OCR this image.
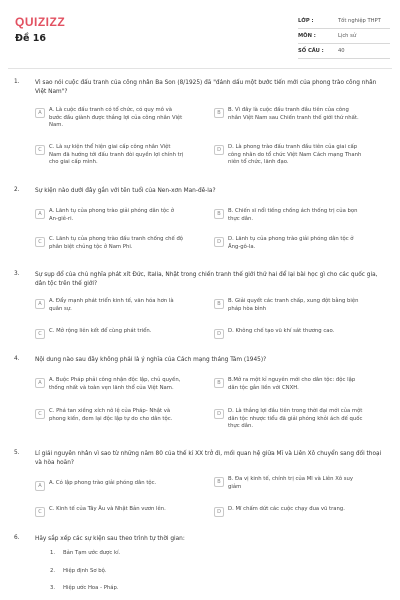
QUIZIZZ
Đề 16
LỚP :	Tốt nghiệp THPT
MÔN :	Lịch sử
SỐ CÂU :	40
1.	Vì sao nói cuộc đấu tranh của công nhân Ba Son (8/1925) đã "đánh dấu một bước tiến mới của phong trào công nhân Việt Nam"?
A	A. Là cuộc đấu tranh có tổ chức, có quy mô và bước đầu giành được thắng lợi của công nhân Việt Nam.
B	B. Vì đây là cuộc đấu tranh đầu tiên của công nhân Việt Nam sau Chiến tranh thế giới thứ nhất.
C	C. Là sự kiện thể hiện giai cấp công nhân Việt Nam đã hướng tới đấu tranh đòi quyền lợi chính trị cho giai cấp mình.
D	D. Là phong trào đấu tranh đầu tiên của giai cấp công nhân do tổ chức Việt Nam Cách mạng Thanh niên tổ chức, lãnh đạo.
2.	Sự kiện nào dưới đây gắn với tên tuổi của Nen-xơn Man-đê-la?
A	A. Lãnh tụ của phong trào giải phóng dân tộc ở An-giê-ri.
B	B. Chiến sĩ nổi tiếng chống ách thống trị của bọn thực dân.
C	C. Lãnh tụ của phong trào đấu tranh chống chế độ phân biệt chủng tộc ở Nam Phi.
D	D. Lãnh tụ của phong trào giải phóng dân tộc ở Ăng-gô-la.
3.	Sự sụp đổ của chủ nghĩa phát xít Đức, Italia, Nhật trong chiến tranh thế giới thứ hai để lại bài học gì cho các quốc gia, dân tộc trên thế giới?
A	A. Đẩy mạnh phát triển kinh tế, văn hóa hơn là quân sự.
B	B. Giải quyết các tranh chấp, xung đột bằng biện pháp hòa bình
C	C. Mở rộng liên kết để cùng phát triển.	D	D. Không chế tạo vũ khí sát thương cao.
4.	Nội dung nào sau đây không phải là ý nghĩa của Cách mạng tháng Tám (1945)?
A	A. Buộc Pháp phải công nhận độc lập, chủ quyền, thống nhất và toàn vẹn lãnh thổ của Việt Nam.
B	B.Mở ra một kỉ nguyên mới cho dân tộc: độc lập dân tộc gắn liền với CNXH.
C	C. Phá tan xiềng xích nô lệ của Pháp- Nhật và phong kiến, đem lại độc lập tự do cho dân tộc.
D	D. Là thắng lợi đầu tiên trong thời đại mới của một dân tộc nhược tiểu đã giải phóng khỏi ách đế quốc thực dân.
5.	Lí giải nguyên nhân vì sao từ những năm 80 của thế kỉ XX trở đi, mối quan hệ giữa Mĩ và Liên Xô chuyển sang đối thoại và hòa hoãn?
A	A. Có lập phong trào giải phóng dân tộc.	B	B. Đa vị kinh tế, chính trị của Mĩ và Liên Xô suy giảm
C	C. Kinh tế của Tây Âu và Nhật Bản vươn lên.	D	D. Mĩ chấm dứt các cuộc chạy đua vũ trang.
6.	Hãy sắp xếp các sự kiện sau theo trình tự thời gian:
1.	Bản Tạm ước được kí.
2.	Hiệp định Sơ bộ.
3.	Hiệp ước Hoa - Pháp.
